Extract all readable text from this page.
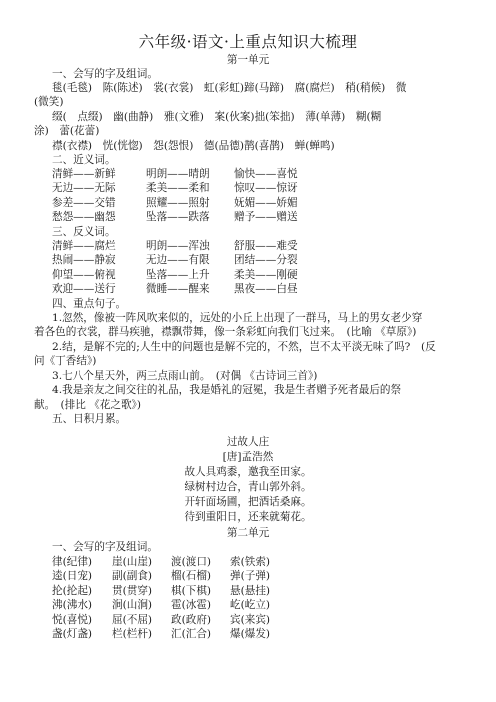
六年级·语文·上重点知识大梳理
第一单元
一、会写的字及组词。
毯(毛毯)　陈(陈述)　裳(衣裳)　虹(彩虹)蹄(马蹄)　腐(腐烂)　稍(稍候)　微
(微笑)
缀(　点缀)　幽(曲静)　雅(文雅)　案(伙案)拙(笨拙)　薄(单薄)　糊(糊
涂)　蕾(花蕾)
襟(衣襟)　恍(恍惚)　怨(怨恨)　德(品德)鹊(喜鹊)　蝉(蝉鸣)
二、近义词。
清鲜——新鲜	明朗——晴朗 愉快——喜悦
无边——无际	柔美——柔和 惊叹——惊讶
参差——交错	照耀——照射 妩媚——娇媚
愁怨——幽怨	坠落——跌落 赠予——赠送
三、反义词。
清鲜——腐烂	明朗——浑浊 舒服——难受
热闹——静寂	无边——有限 团结——分裂
仰望——俯视	坠落——上升 柔美——刚硬
欢迎——送行	微睡——醒来 黑夜——白昼
四、重点句子。
1.忽然，像被一阵风吹来似的，远处的小丘上出现了一群马，马上的男女老少穿
着各色的衣裳，群马疾驰，襟飘带舞，像一条彩虹向我们飞过来。　(比喻 《草原》)
2.结，是解不完的;人生中的问题也是解不完的，不然，岂不太平淡无味了吗?　(反
问《丁香结》)
3.七八个星天外，两三点雨山前。　(对偶 《古诗词三首》)
4.我是亲友之间交往的礼品，我是婚礼的冠冕，我是生者赠予死者最后的祭
献。　(排比 《花之歌》)
五、日积月累。
过故人庄
[唐]孟浩然
故人具鸡黍，邀我至田家。
绿树村边合，青山郭外斜。
开轩面场圃，把酒话桑麻。
待到重阳日，还来就菊花。
第二单元
一、会写的字及组词。
律(纪律) 崖(山崖) 渡(渡口) 索(铁索)
逵(日宠) 副(副食) 榴(石榴) 弹(子弹)
抡(抡起) 贯(贯穿) 棋(下棋) 悬(悬挂)
沸(沸水) 涧(山涧) 雹(冰雹) 屹(屹立)
悦(喜悦) 屈(不屈) 政(政府) 宾(来宾)
盏(灯盏) 栏(栏杆) 汇(汇合) 爆(爆发)
